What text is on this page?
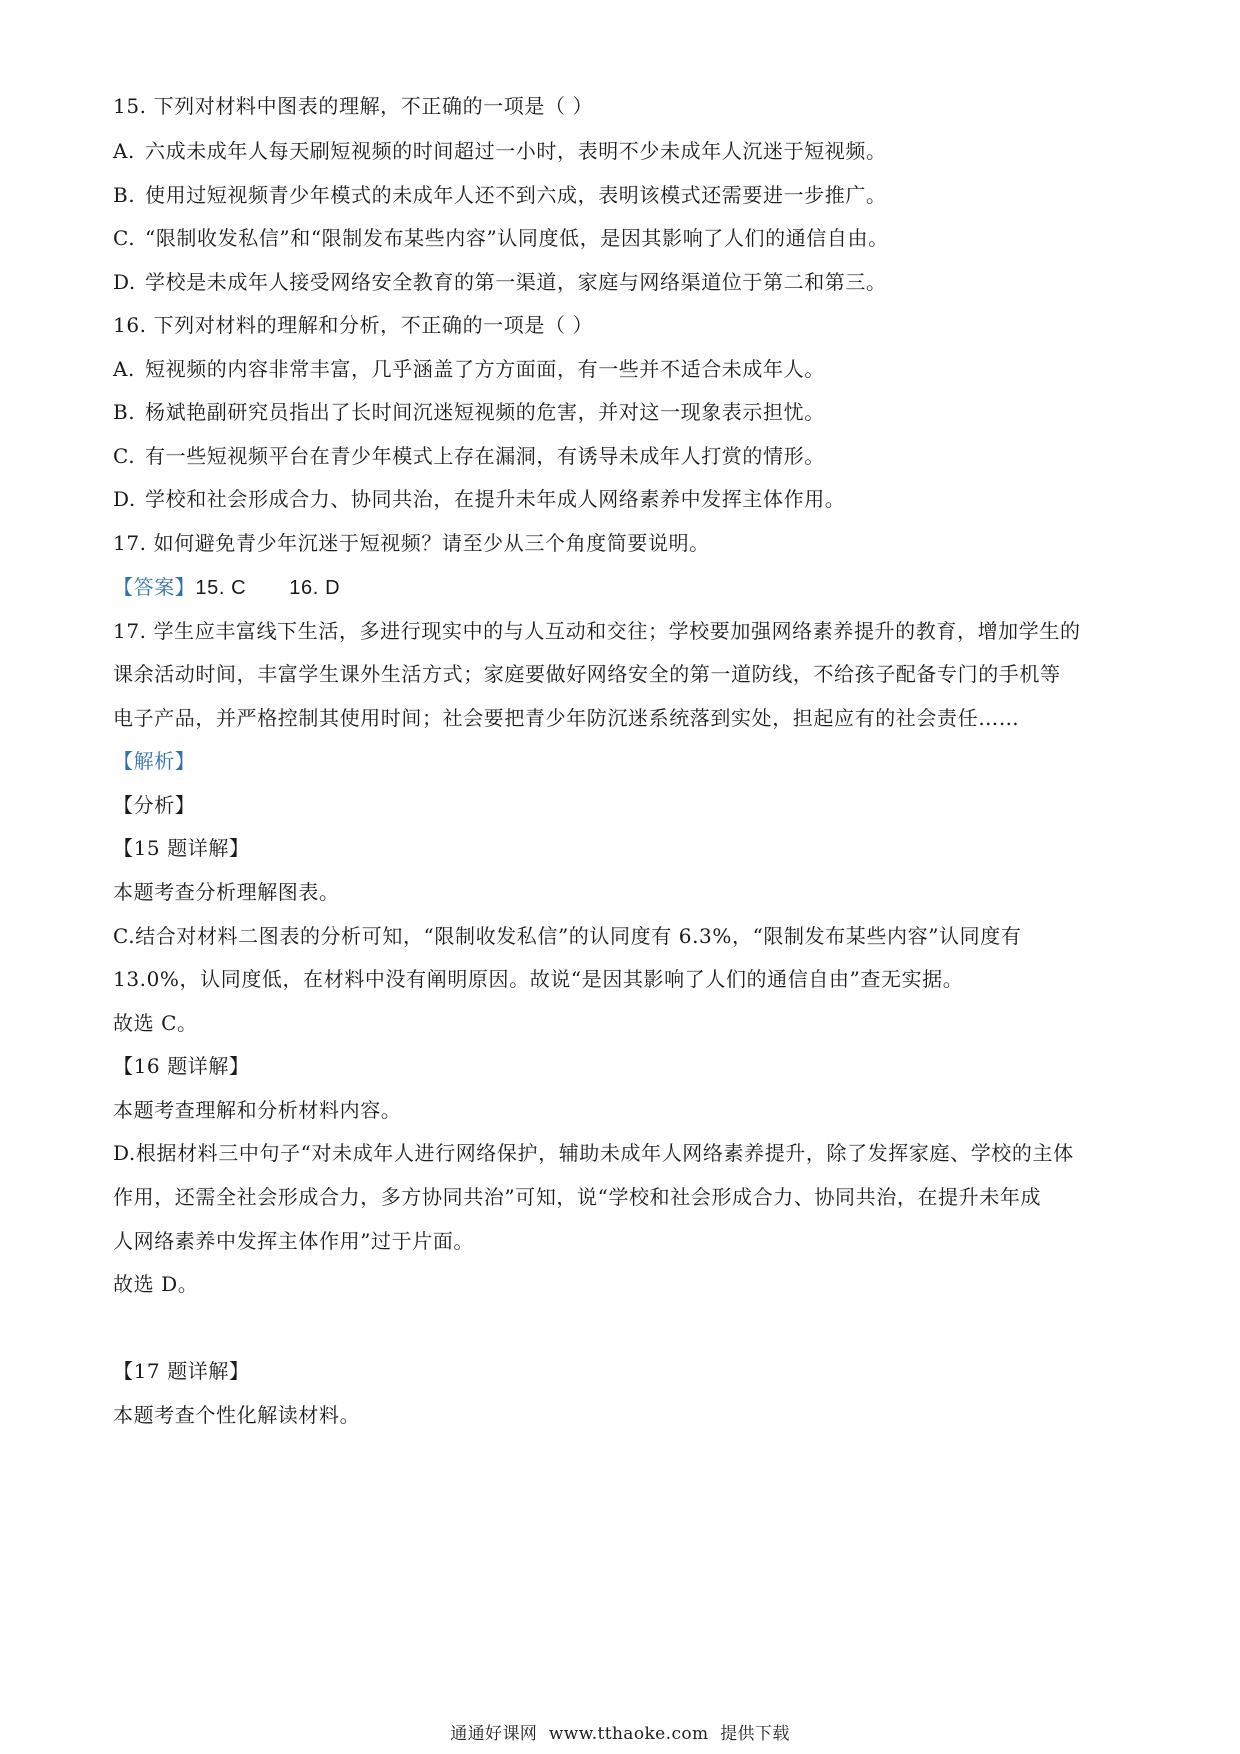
15. 下列对材料中图表的理解，不正确的一项是（ ）
A. 六成未成年人每天刷短视频的时间超过一小时，表明不少未成年人沉迷于短视频。
B. 使用过短视频青少年模式的未成年人还不到六成，表明该模式还需要进一步推广。
C. “限制收发私信”和“限制发布某些内容”认同度低，是因其影响了人们的通信自由。
D. 学校是未成年人接受网络安全教育的第一渠道，家庭与网络渠道位于第二和第三。
16. 下列对材料的理解和分析，不正确的一项是（ ）
A. 短视频的内容非常丰富，几乎涵盖了方方面面，有一些并不适合未成年人。
B. 杨斌艳副研究员指出了长时间沉迷短视频的危害，并对这一现象表示担忧。
C. 有一些短视频平台在青少年模式上存在漏洞，有诱导未成年人打赏的情形。
D. 学校和社会形成合力、协同共治，在提升未年成人网络素养中发挥主体作用。
17. 如何避免青少年沉迷于短视频？请至少从三个角度简要说明。
【答案】15. C       16. D
17. 学生应丰富线下生活，多进行现实中的与人互动和交往；学校要加强网络素养提升的教育，增加学生的
课余活动时间，丰富学生课外生活方式；家庭要做好网络安全的第一道防线，不给孩子配备专门的手机等
电子产品，并严格控制其使用时间；社会要把青少年防沉迷系统落到实处，担起应有的社会责任……
【解析】
【分析】
【15 题详解】
本题考查分析理解图表。
C.结合对材料二图表的分析可知，“限制收发私信”的认同度有 6.3%，“限制发布某些内容”认同度有
13.0%，认同度低，在材料中没有阐明原因。故说“是因其影响了人们的通信自由”查无实据。
故选 C。
【16 题详解】
本题考查理解和分析材料内容。
D.根据材料三中句子“对未成年人进行网络保护，辅助未成年人网络素养提升，除了发挥家庭、学校的主体
作用，还需全社会形成合力，多方协同共治”可知，说“学校和社会形成合力、协同共治，在提升未年成
人网络素养中发挥主体作用”过于片面。
故选 D。
【17 题详解】
本题考查个性化解读材料。
通通好课网  www.tthaoke.com  提供下载
